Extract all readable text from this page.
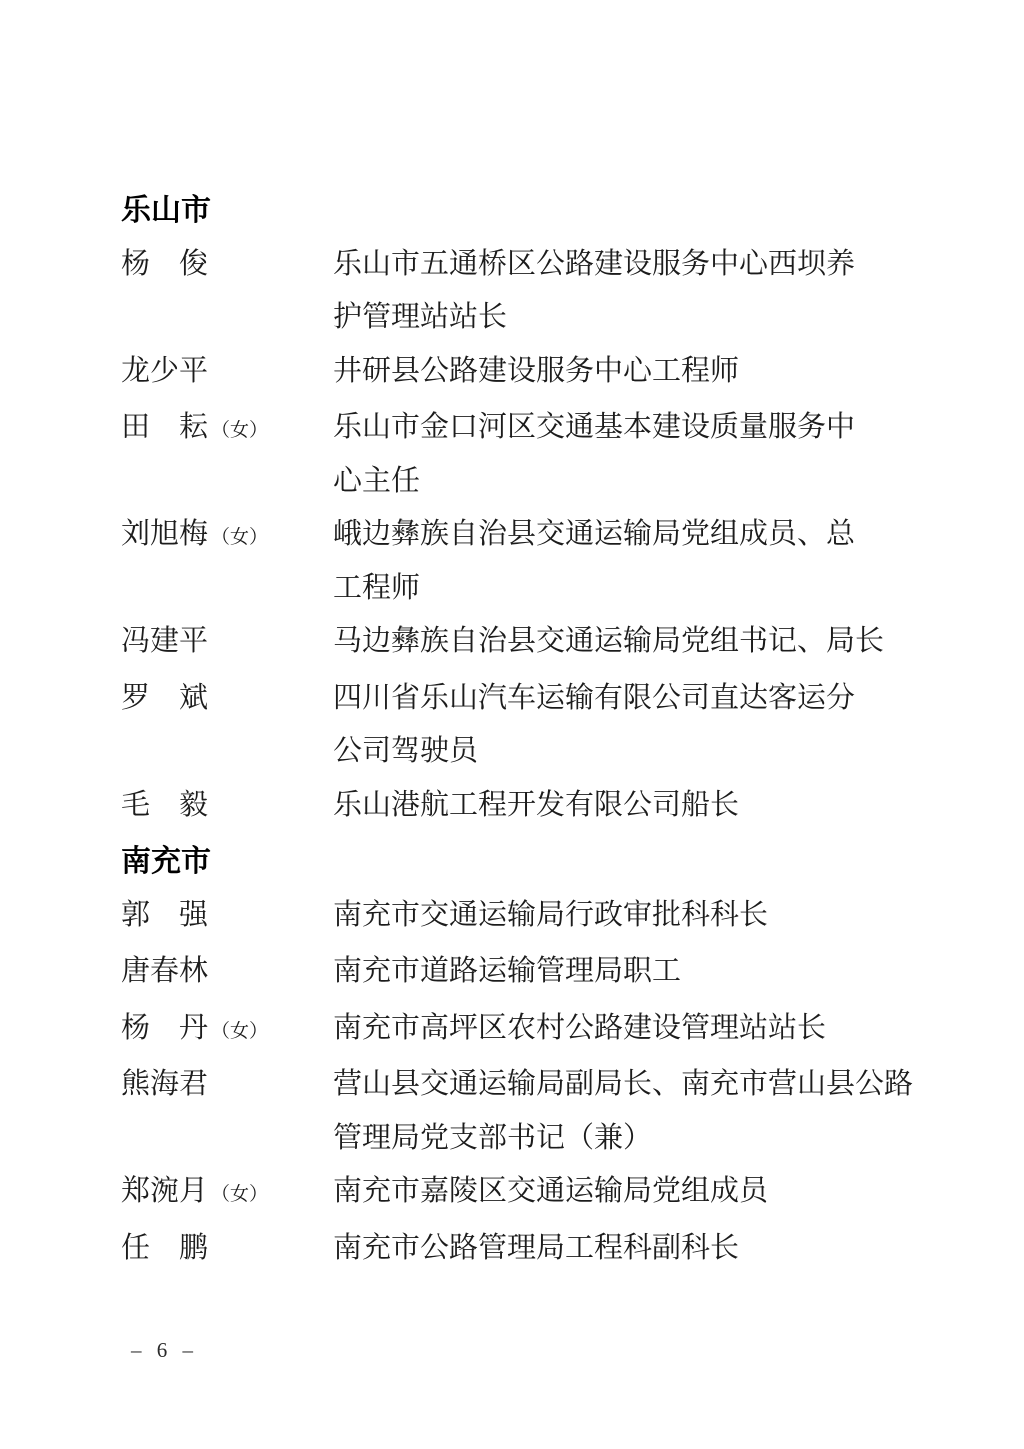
乐山市
杨　俊	乐山市五通桥区公路建设服务中心西坝养
护管理站站长
龙少平	井研县公路建设服务中心工程师
田　耘 （女）	乐山市金口河区交通基本建设质量服务中
心主任
刘旭梅 （女）	峨边彝族自治县交通运输局党组成员、总
工程师
冯建平	马边彝族自治县交通运输局党组书记、局长
罗　斌	四川省乐山汽车运输有限公司直达客运分
公司驾驶员
毛　毅	乐山港航工程开发有限公司船长
南充市
郭　强	南充市交通运输局行政审批科科长
唐春林	南充市道路运输管理局职工
杨　丹 （女）	南充市高坪区农村公路建设管理站站长
熊海君	营山县交通运输局副局长、南充市营山县公路
管理局党支部书记（兼）
郑涴月 （女）	南充市嘉陵区交通运输局党组成员
任　鹏	南充市公路管理局工程科副科长
– 6 –
